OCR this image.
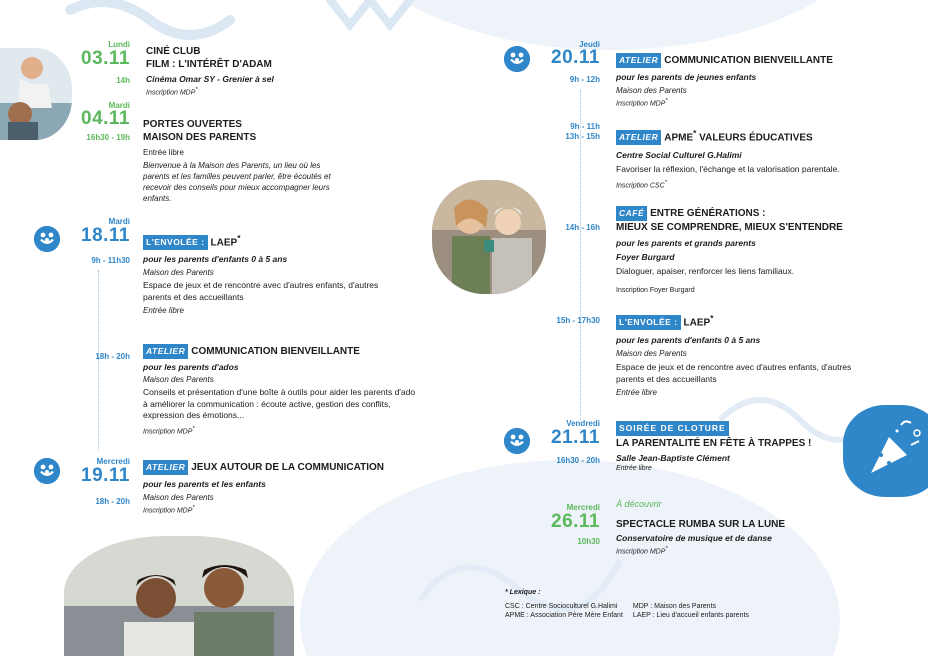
Lundi
03.11
14h
CINÉ CLUB
FILM : L'INTÉRÊT D'ADAM
Cinéma Omar SY - Grenier à sel
Inscription MDP*
Mardi
04.11
16h30 - 19h
PORTES OUVERTES
MAISON DES PARENTS
Entrée libre
Bienvenue à la Maison des Parents, un lieu où les parents et les familles peuvent parler, être écoutés et recevoir des conseils pour mieux accompagner leurs enfants.
Mardi
18.11
9h - 11h30
L'ENVOLÉE : LAEP*
pour les parents d'enfants 0 à 5 ans
Maison des Parents
Espace de jeux et de rencontre avec d'autres enfants, d'autres parents et des accueillants
Entrée libre
18h - 20h
ATELIER COMMUNICATION BIENVEILLANTE
pour les parents d'ados
Maison des Parents
Conseils et présentation d'une boîte à outils pour aider les parents d'ado à améliorer la communication : écoute active, gestion des conflits, expression des émotions...
Inscription MDP*
Mercredi
19.11
18h - 20h
ATELIER JEUX AUTOUR DE LA COMMUNICATION
pour les parents et les enfants
Maison des Parents
Inscription MDP*
Jeudi
20.11
9h - 12h
ATELIER COMMUNICATION BIENVEILLANTE
pour les parents de jeunes enfants
Maison des Parents
Inscription MDP*
9h - 11h
13h - 15h	ATELIER APME* VALEURS ÉDUCATIVES
Centre Social Culturel G.Halimi
Favoriser la réflexion, l'échange et la valorisation parentale.
Inscription CSC*
14h - 16h
CAFÉ ENTRE GÉNÉRATIONS :
MIEUX SE COMPRENDRE, MIEUX S'ENTENDRE
pour les parents et grands parents
Foyer Burgard
Dialoguer, apaiser, renforcer les liens familiaux.
Inscription Foyer Burgard
15h - 17h30	L'ENVOLÉE : LAEP*
pour les parents d'enfants 0 à 5 ans
Maison des Parents
Espace de jeux et de rencontre avec d'autres enfants, d'autres parents et des accueillants
Entrée libre
Vendredi
21.11
16h30 - 20h
SOIRÉE DE CLOTURE
LA PARENTALITÉ EN FÊTE À TRAPPES !
Salle Jean-Baptiste Clément
Entrée libre
Mercredi
26.11
10h30
À découvrir
SPECTACLE RUMBA SUR LA LUNE
Conservatoire de musique et de danse
Inscription MDP*
* Lexique :
CSC : Centre Socioculturel G.Halimi
APME : Association Père Mère Enfant
MDP : Maison des Parents
LAEP : Lieu d'accueil enfants parents
